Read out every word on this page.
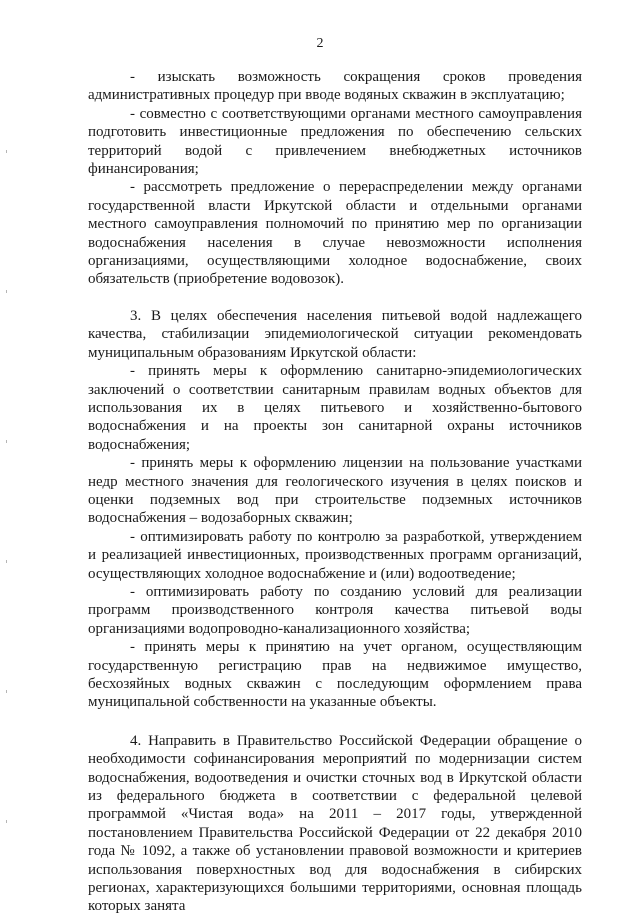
2

- изыскать возможность сокращения сроков проведения административных процедур при вводе водяных скважин в эксплуатацию;

- совместно с соответствующими органами местного самоуправления подготовить инвестиционные предложения по обеспечению сельских территорий водой с привлечением внебюджетных источников финансирования;

- рассмотреть предложение о перераспределении между органами государственной власти Иркутской области и отдельными органами местного самоуправления полномочий по принятию мер по организации водоснабжения населения в случае невозможности исполнения организациями, осуществляющими холодное водоснабжение, своих обязательств (приобретение водовозок).

3. В целях обеспечения населения питьевой водой надлежащего качества, стабилизации эпидемиологической ситуации рекомендовать муниципальным образованиям Иркутской области:

- принять меры к оформлению санитарно-эпидемиологических заключений о соответствии санитарным правилам водных объектов для использования их в целях питьевого и хозяйственно-бытового водоснабжения и на проекты зон санитарной охраны источников водоснабжения;

- принять меры к оформлению лицензии на пользование участками недр местного значения для геологического изучения в целях поисков и оценки подземных вод при строительстве подземных источников водоснабжения – водозаборных скважин;

- оптимизировать работу по контролю за разработкой, утверждением и реализацией инвестиционных, производственных программ организаций, осуществляющих холодное водоснабжение и (или) водоотведение;

- оптимизировать работу по созданию условий для реализации программ производственного контроля качества питьевой воды организациями водопроводно-канализационного хозяйства;

- принять меры к принятию на учет органом, осуществляющим государственную регистрацию прав на недвижимое имущество, бесхозяйных водных скважин с последующим оформлением права муниципальной собственности на указанные объекты.

4. Направить в Правительство Российской Федерации обращение о необходимости софинансирования мероприятий по модернизации систем водоснабжения, водоотведения и очистки сточных вод в Иркутской области из федерального бюджета в соответствии с федеральной целевой программой «Чистая вода» на 2011 – 2017 годы, утвержденной постановлением Правительства Российской Федерации от 22 декабря 2010 года № 1092, а также об установлении правовой возможности и критериев использования поверхностных вод для водоснабжения в сибирских регионах, характеризующихся большими территориями, основная площадь которых занята
